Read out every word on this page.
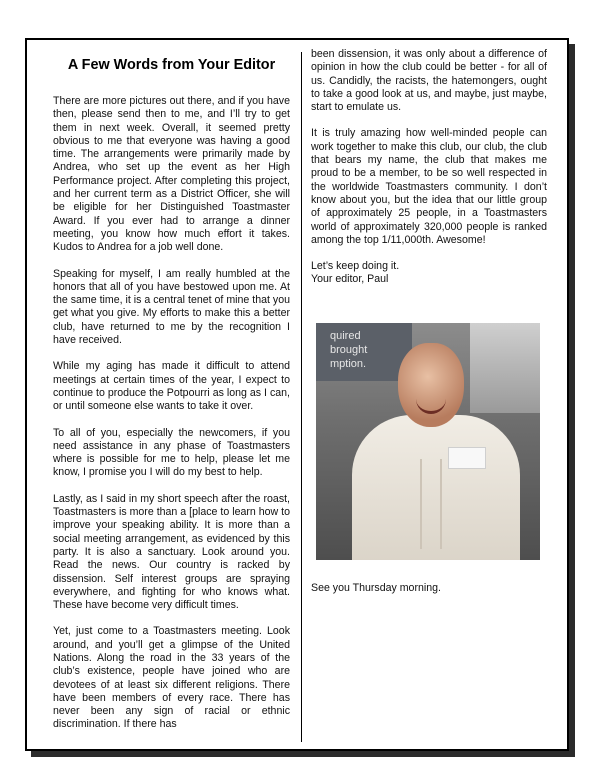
A Few Words from Your Editor

There are more pictures out there, and if you have then, please send then to me, and I’ll try to get them in next week. Overall, it seemed pretty obvious to me that everyone was having a good time. The arrangements were primarily made by Andrea, who set up the event as her High Performance project. After completing this project, and her current term as a District Officer, she will be eligible for her Distinguished Toastmaster Award. If you ever had to arrange a dinner meeting, you know how much effort it takes. Kudos to Andrea for a job well done.

Speaking for myself, I am really humbled at the honors that all of you have bestowed upon me. At the same time, it is a central tenet of mine that you get what you give. My efforts to make this a better club, have returned to me by the recognition I have received.

While my aging has made it difficult to attend meetings at certain times of the year, I expect to continue to produce the Potpourri as long as I can, or until someone else wants to take it over.

To all of you, especially the newcomers, if you need assistance in any phase of Toastmasters where is possible for me to help, please let me know, I promise you I will do my best to help.

Lastly, as I said in my short speech after the roast, Toastmasters is more than a [place to learn how to improve your speaking ability. It is more than a social meeting arrangement, as evidenced by this party. It is also a sanctuary. Look around you. Read the news. Our country is racked by dissension. Self interest groups are spraying everywhere, and fighting for who knows what. These have become very difficult times.

Yet, just come to a Toastmasters meeting. Look around, and you’ll get a glimpse of the United Nations. Along the road in the 33 years of the club’s existence, people have joined who are devotees of at least six different religions. There have been members of every race. There has never been any sign of racial or ethnic discrimination. If there has

been dissension, it was only about a difference of opinion in how the club could be better - for all of us. Candidly, the racists, the hatemongers, ought to take a good look at us, and maybe, just maybe, start to emulate us.

It is truly amazing how well-minded people can work together to make this club, our club, the club that bears my name, the club that makes me proud to be a member, to be so well respected in the worldwide Toastmasters community. I don’t know about you, but the idea that our little group of approximately 25 people, in a Toastmasters world of approximately 320,000 people is ranked among the top 1/11,000th. Awesome!

Let’s keep doing it.

Your editor, Paul

quired
brought
mption.

See you Thursday morning.
